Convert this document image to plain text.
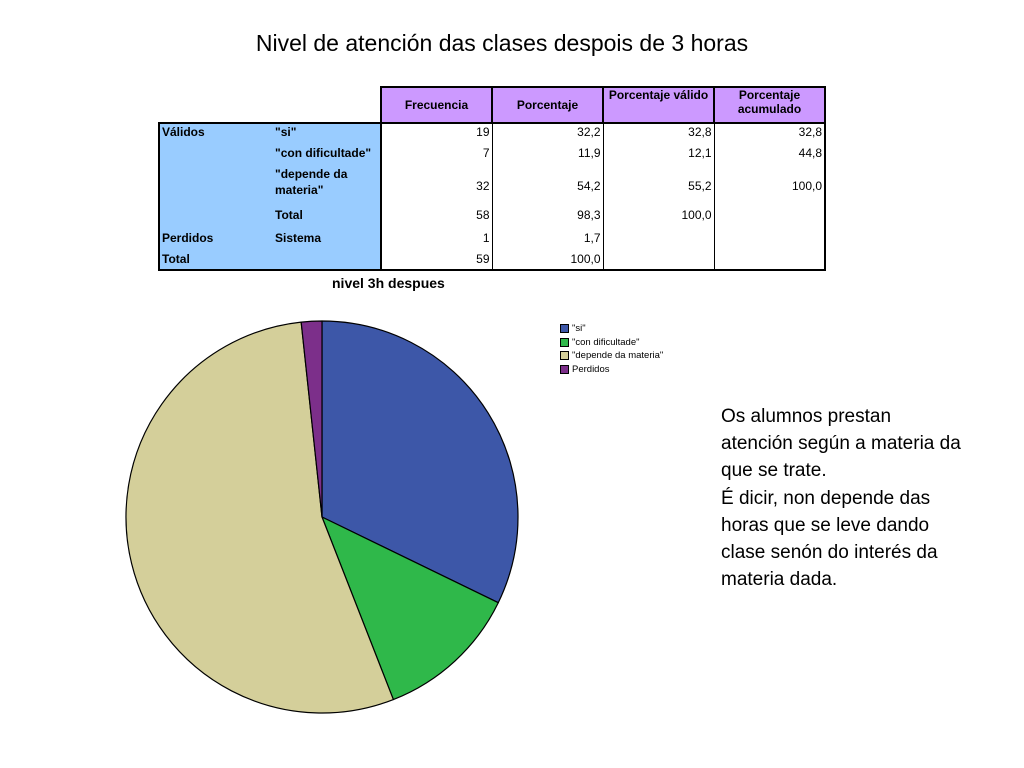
Nivel de atención das clases despois de 3 horas
		Frecuencia	Porcentaje	Porcentaje válido	Porcentaje acumulado
Válidos	"si"	19	32,2	32,8	32,8
	"con dificultade"	7	11,9	12,1	44,8
	"depende da materia"	32	54,2	55,2	100,0
	Total	58	98,3	100,0	
Perdidos	Sistema	1	1,7		
Total		59	100,0		
nivel 3h despues
"si"
"con dificultade"
"depende da materia"
Perdidos

Os alumnos prestan atención según a materia da que se trate.

É dicir, non depende das horas que se leve dando clase senón do interés da materia dada.
